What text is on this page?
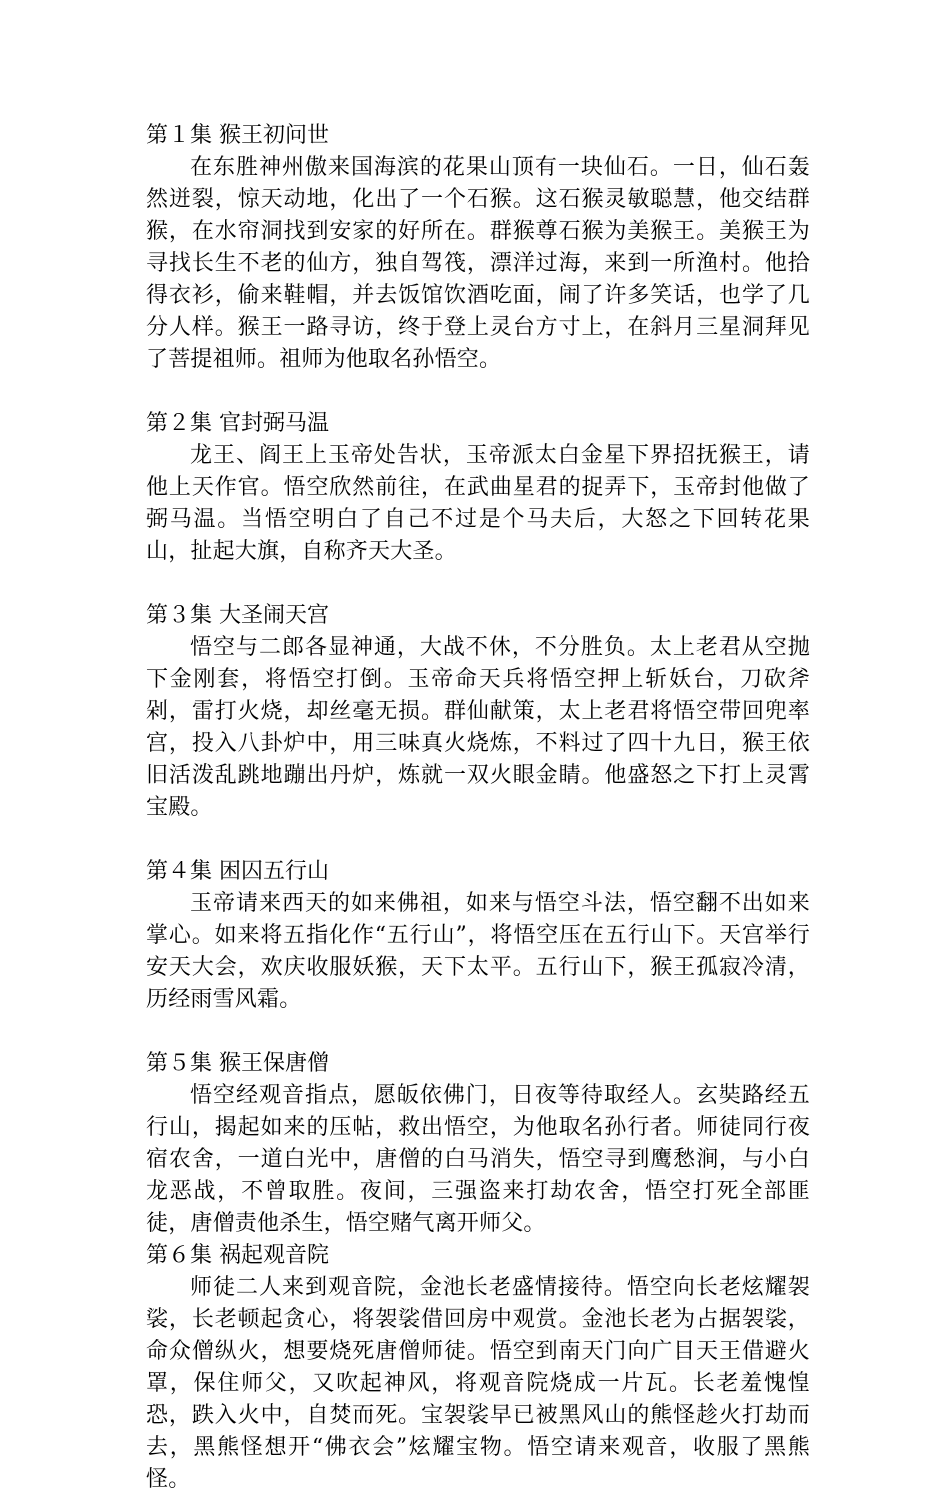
第１集 猴王初问世

在东胜神州傲来国海滨的花果山顶有一块仙石。一日，仙石轰然迸裂，惊天动地，化出了一个石猴。这石猴灵敏聪慧，他交结群猴，在水帘洞找到安家的好所在。群猴尊石猴为美猴王。美猴王为寻找长生不老的仙方，独自驾筏，漂洋过海，来到一所渔村。他拾得衣衫，偷来鞋帽，并去饭馆饮酒吃面，闹了许多笑话，也学了几分人样。猴王一路寻访，终于登上灵台方寸上，在斜月三星洞拜见了菩提祖师。祖师为他取名孙悟空。

第２集 官封弼马温

龙王、阎王上玉帝处告状，玉帝派太白金星下界招抚猴王，请他上天作官。悟空欣然前往，在武曲星君的捉弄下，玉帝封他做了弼马温。当悟空明白了自己不过是个马夫后，大怒之下回转花果山，扯起大旗，自称齐天大圣。

第３集 大圣闹天宫

悟空与二郎各显神通，大战不休，不分胜负。太上老君从空抛下金刚套，将悟空打倒。玉帝命天兵将悟空押上斩妖台，刀砍斧剁，雷打火烧，却丝毫无损。群仙献策，太上老君将悟空带回兜率宫，投入八卦炉中，用三味真火烧炼，不料过了四十九日，猴王依旧活泼乱跳地蹦出丹炉，炼就一双火眼金睛。他盛怒之下打上灵霄宝殿。

第４集 困囚五行山

玉帝请来西天的如来佛祖，如来与悟空斗法，悟空翻不出如来掌心。如来将五指化作“五行山”，将悟空压在五行山下。天宫举行安天大会，欢庆收服妖猴，天下太平。五行山下，猴王孤寂冷清，历经雨雪风霜。

第５集 猴王保唐僧

悟空经观音指点，愿皈依佛门，日夜等待取经人。玄奘路经五行山，揭起如来的压帖，救出悟空，为他取名孙行者。师徒同行夜宿农舍，一道白光中，唐僧的白马消失，悟空寻到鹰愁涧，与小白龙恶战，不曾取胜。夜间，三强盗来打劫农舍，悟空打死全部匪徒，唐僧责他杀生，悟空赌气离开师父。

第６集 祸起观音院

师徒二人来到观音院，金池长老盛情接待。悟空向长老炫耀袈裟，长老顿起贪心，将袈裟借回房中观赏。金池长老为占据袈裟，命众僧纵火，想要烧死唐僧师徒。悟空到南天门向广目天王借避火罩，保住师父，又吹起神风，将观音院烧成一片瓦。长老羞愧惶恐，跌入火中，自焚而死。宝袈裟早已被黑风山的熊怪趁火打劫而去，黑熊怪想开“佛衣会”炫耀宝物。悟空请来观音，收服了黑熊怪。
